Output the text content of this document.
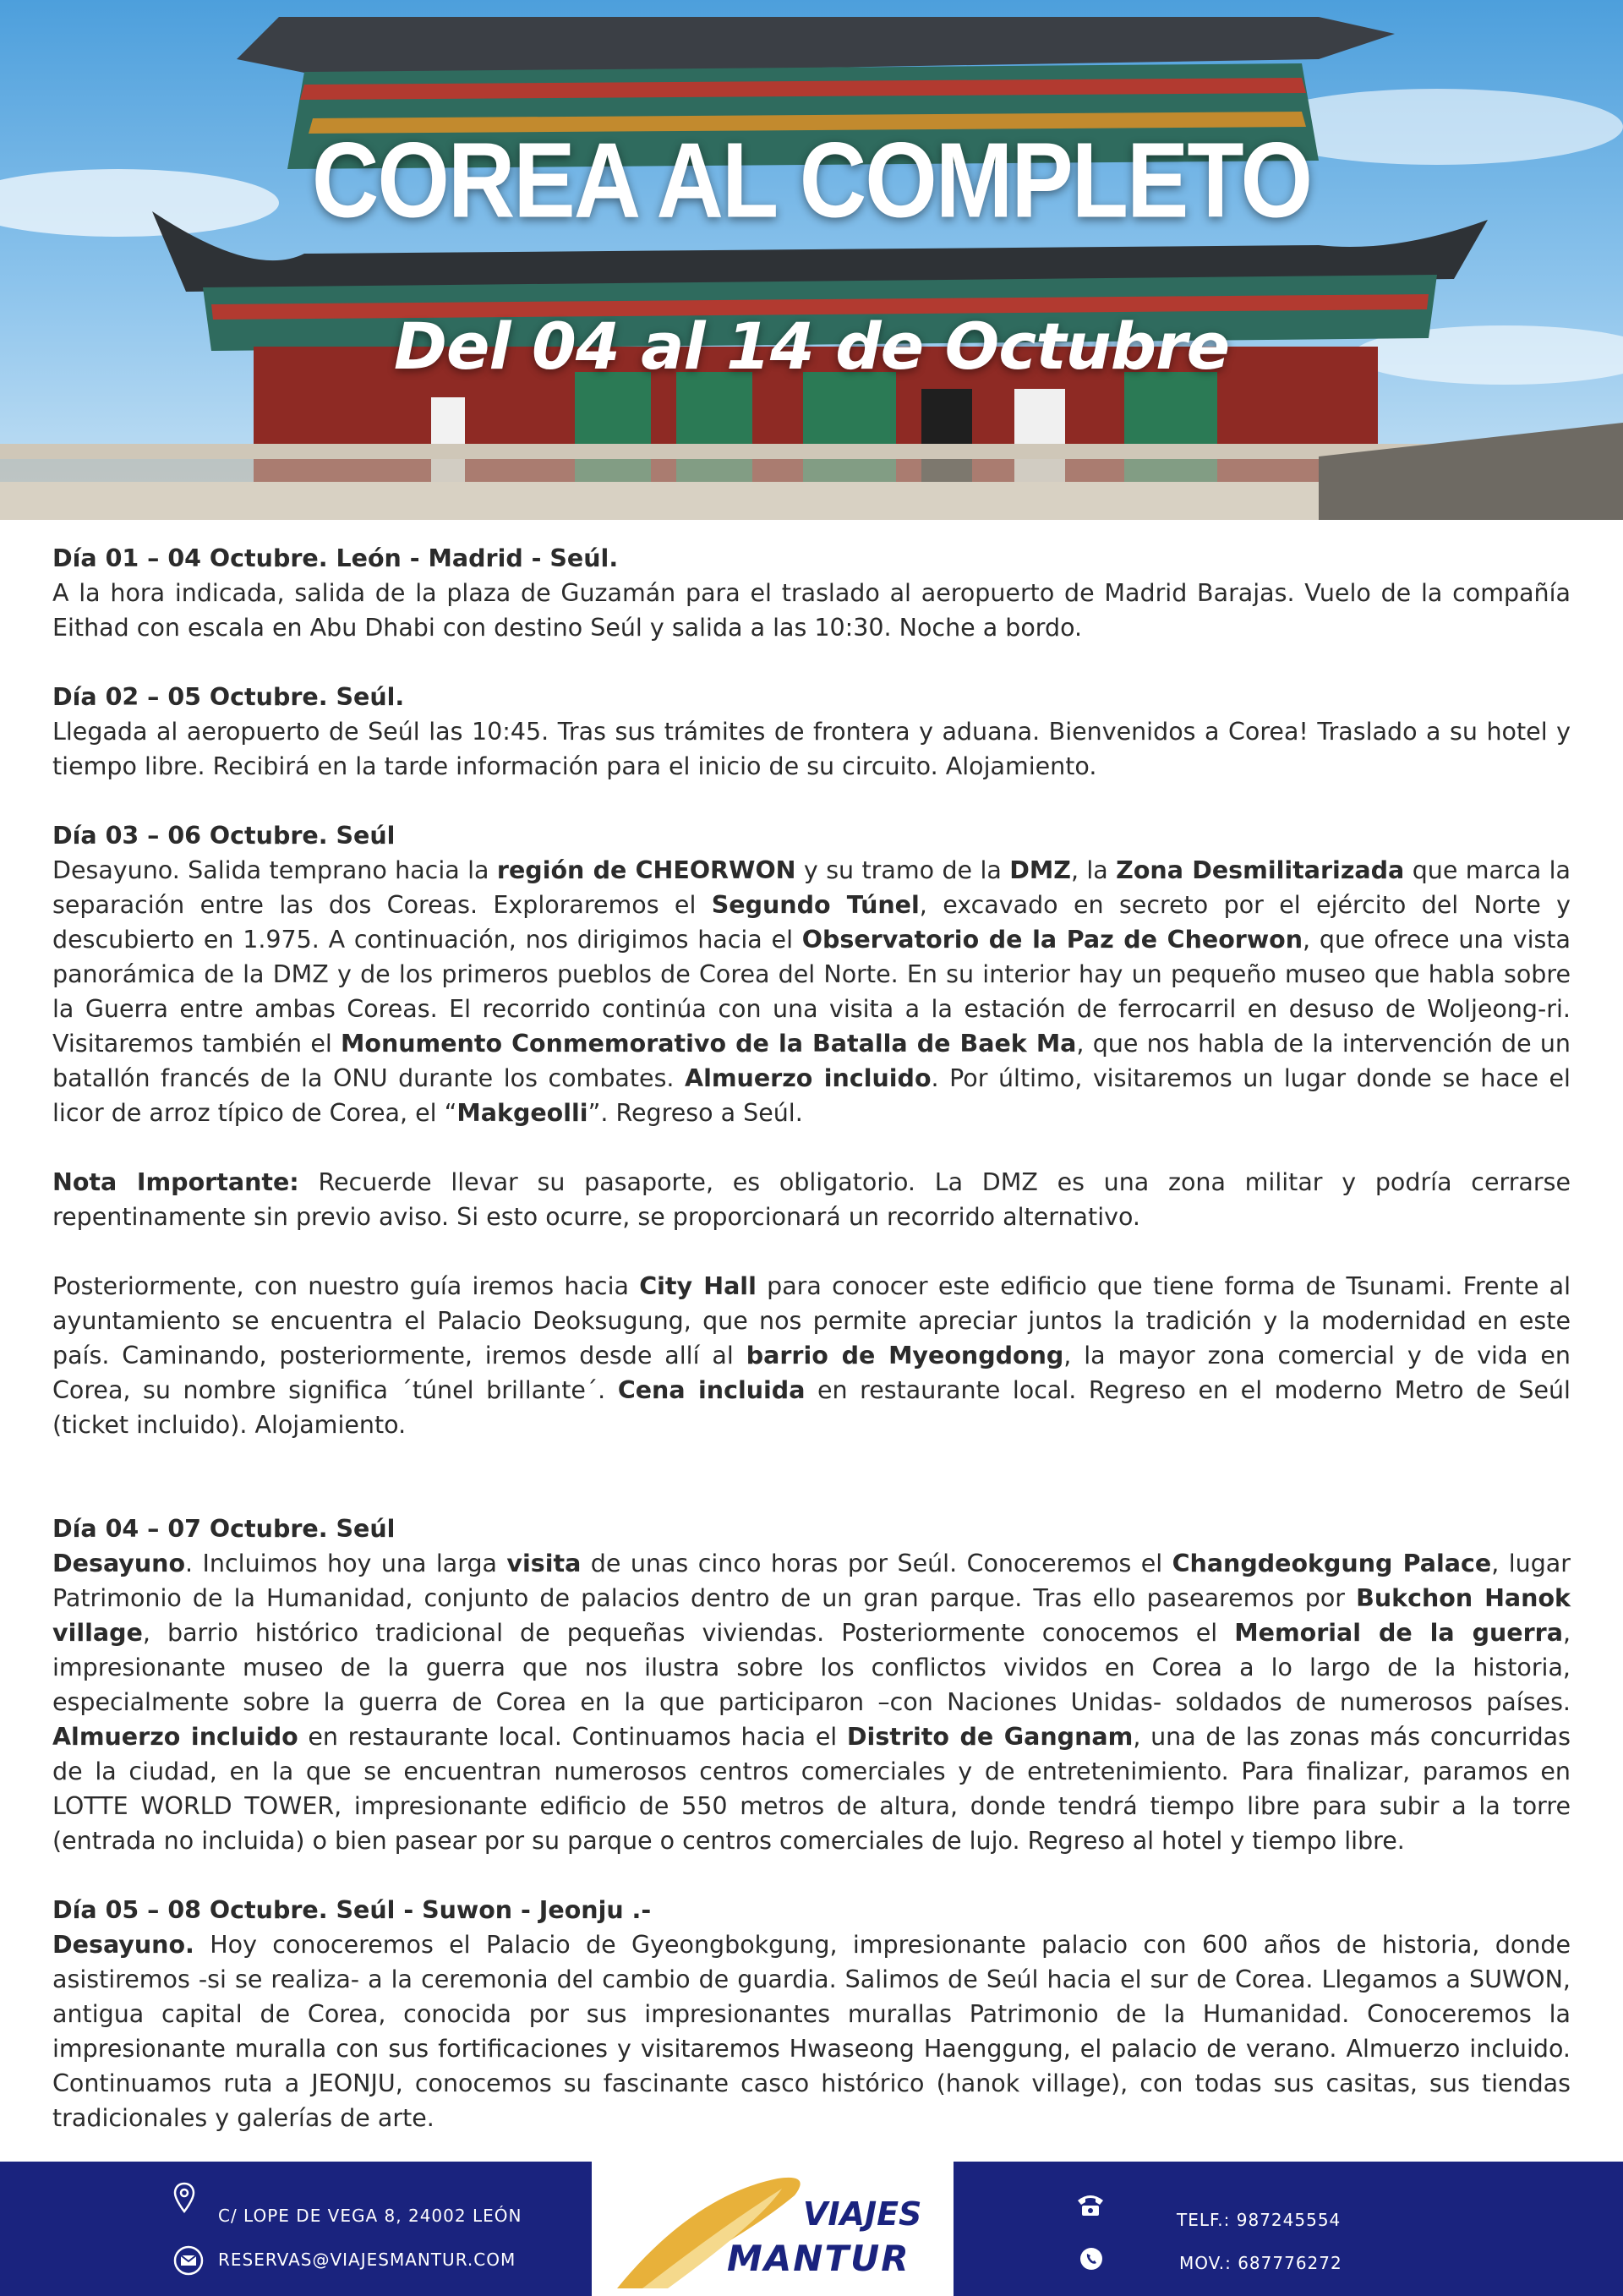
COREA AL COMPLETO
Del 04 al 14 de Octubre
Día 01 – 04 Octubre. León - Madrid - Seúl.

A la hora indicada, salida de la plaza de Guzamán para el traslado al aeropuerto de Madrid Barajas. Vuelo de la compañía Eithad con escala en Abu Dhabi con destino Seúl y salida a las 10:30. Noche a bordo.

Día 02 – 05 Octubre. Seúl.

Llegada al aeropuerto de Seúl las 10:45. Tras sus trámites de frontera y aduana. Bienvenidos a Corea! Traslado a su hotel y tiempo libre. Recibirá en la tarde información para el inicio de su circuito. Alojamiento.

Día 03 – 06 Octubre. Seúl

Desayuno. Salida temprano hacia la región de CHEORWON y su tramo de la DMZ, la Zona Desmilitarizada que marca la separación entre las dos Coreas. Exploraremos el Segundo Túnel, excavado en secreto por el ejército del Norte y descubierto en 1.975. A continuación, nos dirigimos hacia el Observatorio de la Paz de Cheorwon, que ofrece una vista panorámica de la DMZ y de los primeros pueblos de Corea del Norte. En su interior hay un pequeño museo que habla sobre la Guerra entre ambas Coreas. El recorrido continúa con una visita a la estación de ferrocarril en desuso de Woljeong-ri. Visitaremos también el Monumento Conmemorativo de la Batalla de Baek Ma, que nos habla de la intervención de un batallón francés de la ONU durante los combates. Almuerzo incluido. Por último, visitaremos un lugar donde se hace el licor de arroz típico de Corea, el “Makgeolli”. Regreso a Seúl.

Nota Importante: Recuerde llevar su pasaporte, es obligatorio. La DMZ es una zona militar y podría cerrarse repentinamente sin previo aviso. Si esto ocurre, se proporcionará un recorrido alternativo.

Posteriormente, con nuestro guía iremos hacia City Hall para conocer este edificio que tiene forma de Tsunami. Frente al ayuntamiento se encuentra el Palacio Deoksugung, que nos permite apreciar juntos la tradición y la modernidad en este país. Caminando, posteriormente, iremos desde allí al barrio de Myeongdong, la mayor zona comercial y de vida en Corea, su nombre significa ´túnel brillante´. Cena incluida en restaurante local. Regreso en el moderno Metro de Seúl (ticket incluido). Alojamiento.

Día 04 – 07 Octubre. Seúl

Desayuno. Incluimos hoy una larga visita de unas cinco horas por Seúl. Conoceremos el Changdeokgung Palace, lugar Patrimonio de la Humanidad, conjunto de palacios dentro de un gran parque. Tras ello pasearemos por Bukchon Hanok village, barrio histórico tradicional de pequeñas viviendas. Posteriormente conocemos el Memorial de la guerra, impresionante museo de la guerra que nos ilustra sobre los conflictos vividos en Corea a lo largo de la historia, especialmente sobre la guerra de Corea en la que participaron –con Naciones Unidas- soldados de numerosos países. Almuerzo incluido en restaurante local. Continuamos hacia el Distrito de Gangnam, una de las zonas más concurridas de la ciudad, en la que se encuentran numerosos centros comerciales y de entretenimiento. Para finalizar, paramos en LOTTE WORLD TOWER, impresionante edificio de 550 metros de altura, donde tendrá tiempo libre para subir a la torre (entrada no incluida) o bien pasear por su parque o centros comerciales de lujo. Regreso al hotel y tiempo libre.

Día 05 – 08 Octubre. Seúl - Suwon - Jeonju .-

Desayuno. Hoy conoceremos el Palacio de Gyeongbokgung, impresionante palacio con 600 años de historia, donde asistiremos -si se realiza- a la ceremonia del cambio de guardia. Salimos de Seúl hacia el sur de Corea. Llegamos a SUWON, antigua capital de Corea, conocida por sus impresionantes murallas Patrimonio de la Humanidad. Conoceremos la impresionante muralla con sus fortificaciones y visitaremos Hwaseong Haenggung, el palacio de verano. Almuerzo incluido. Continuamos ruta a JEONJU, conocemos su fascinante casco histórico (hanok village), con todas sus casitas, sus tiendas tradicionales y galerías de arte.

C/ LOPE DE VEGA 8, 24002 LEÓN
RESERVAS@VIAJESMANTUR.COM
VIAJES
MANTUR
TELF.: 987245554
MOV.: 687776272
